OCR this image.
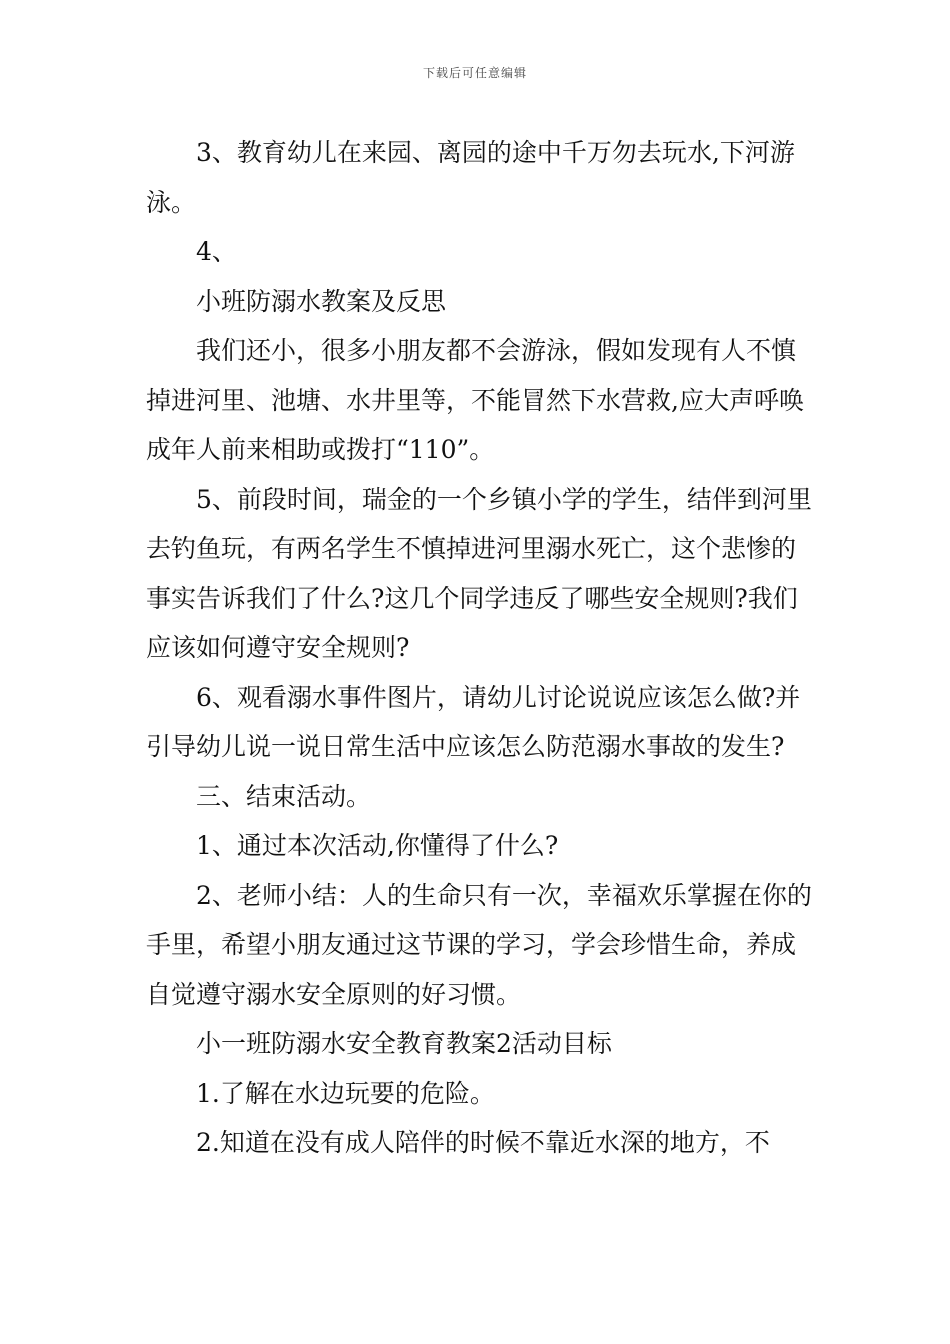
下载后可任意编辑

3、教育幼儿在来园、离园的途中千万勿去玩水,下河游泳。

4、

小班防溺水教案及反思

我们还小，很多小朋友都不会游泳，假如发现有人不慎掉进河里、池塘、水井里等，不能冒然下水营救,应大声呼唤成年人前来相助或拨打“110”。

5、前段时间，瑞金的一个乡镇小学的学生，结伴到河里去钓鱼玩，有两名学生不慎掉进河里溺水死亡，这个悲惨的事实告诉我们了什么?这几个同学违反了哪些安全规则?我们应该如何遵守安全规则?

6、观看溺水事件图片，请幼儿讨论说说应该怎么做?并引导幼儿说一说日常生活中应该怎么防范溺水事故的发生?

三、结束活动。

1、通过本次活动,你懂得了什么?

2、老师小结：人的生命只有一次，幸福欢乐掌握在你的手里，希望小朋友通过这节课的学习，学会珍惜生命，养成自觉遵守溺水安全原则的好习惯。

小一班防溺水安全教育教案2活动目标

1.了解在水边玩要的危险。

2.知道在没有成人陪伴的时候不靠近水深的地方，不
